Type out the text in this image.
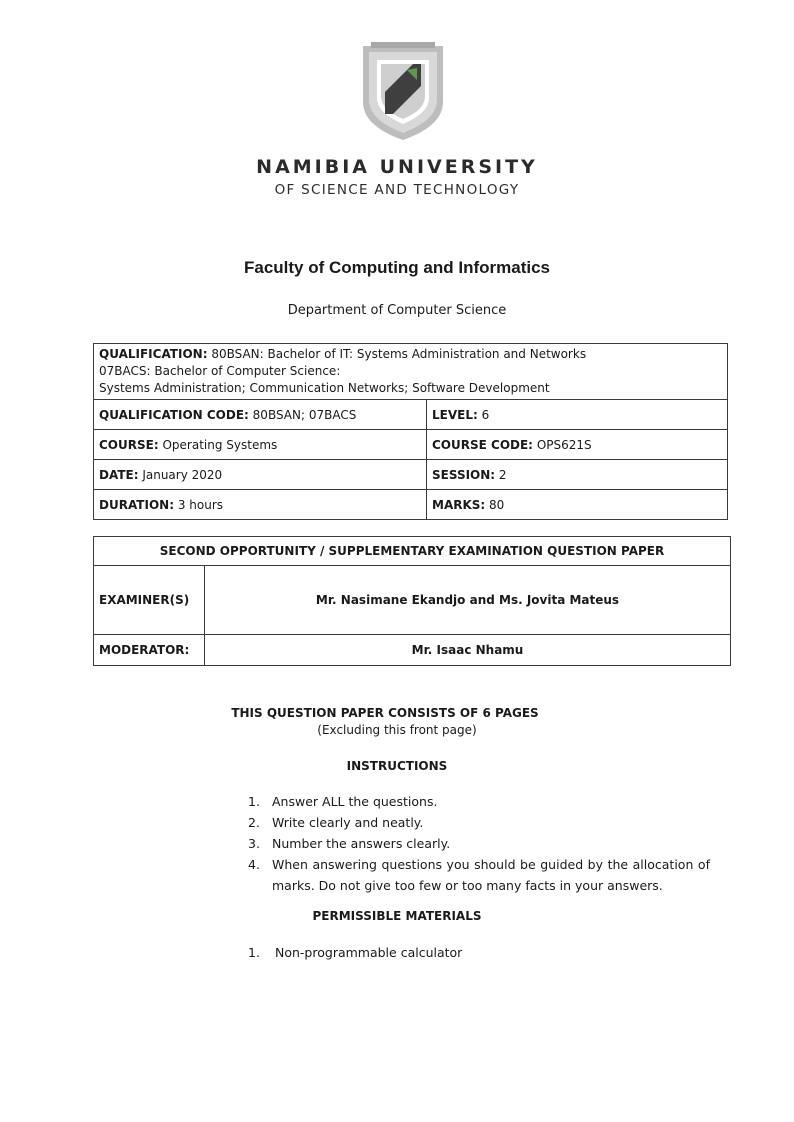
NAMIBIA UNIVERSITY
OF SCIENCE AND TECHNOLOGY
Faculty of Computing and Informatics
Department of Computer Science
QUALIFICATION: 80BSAN: Bachelor of IT: Systems Administration and Networks
07BACS: Bachelor of Computer Science:
Systems Administration; Communication Networks; Software Development	
QUALIFICATION CODE: 80BSAN; 07BACS	LEVEL: 6
COURSE: Operating Systems	COURSE CODE: OPS621S
DATE: January 2020	SESSION: 2
DURATION: 3 hours	MARKS: 80
SECOND OPPORTUNITY / SUPPLEMENTARY EXAMINATION QUESTION PAPER	
EXAMINER(S)	Mr. Nasimane Ekandjo and Ms. Jovita Mateus
MODERATOR:	Mr. Isaac Nhamu
THIS QUESTION PAPER CONSISTS OF 6 PAGES
(Excluding this front page)
INSTRUCTIONS
1. Answer ALL the questions.
2. Write clearly and neatly.
3. Number the answers clearly.
4. When answering questions you should be guided by the allocation of marks. Do not give too few or too many facts in your answers.
PERMISSIBLE MATERIALS
1. Non-programmable calculator
